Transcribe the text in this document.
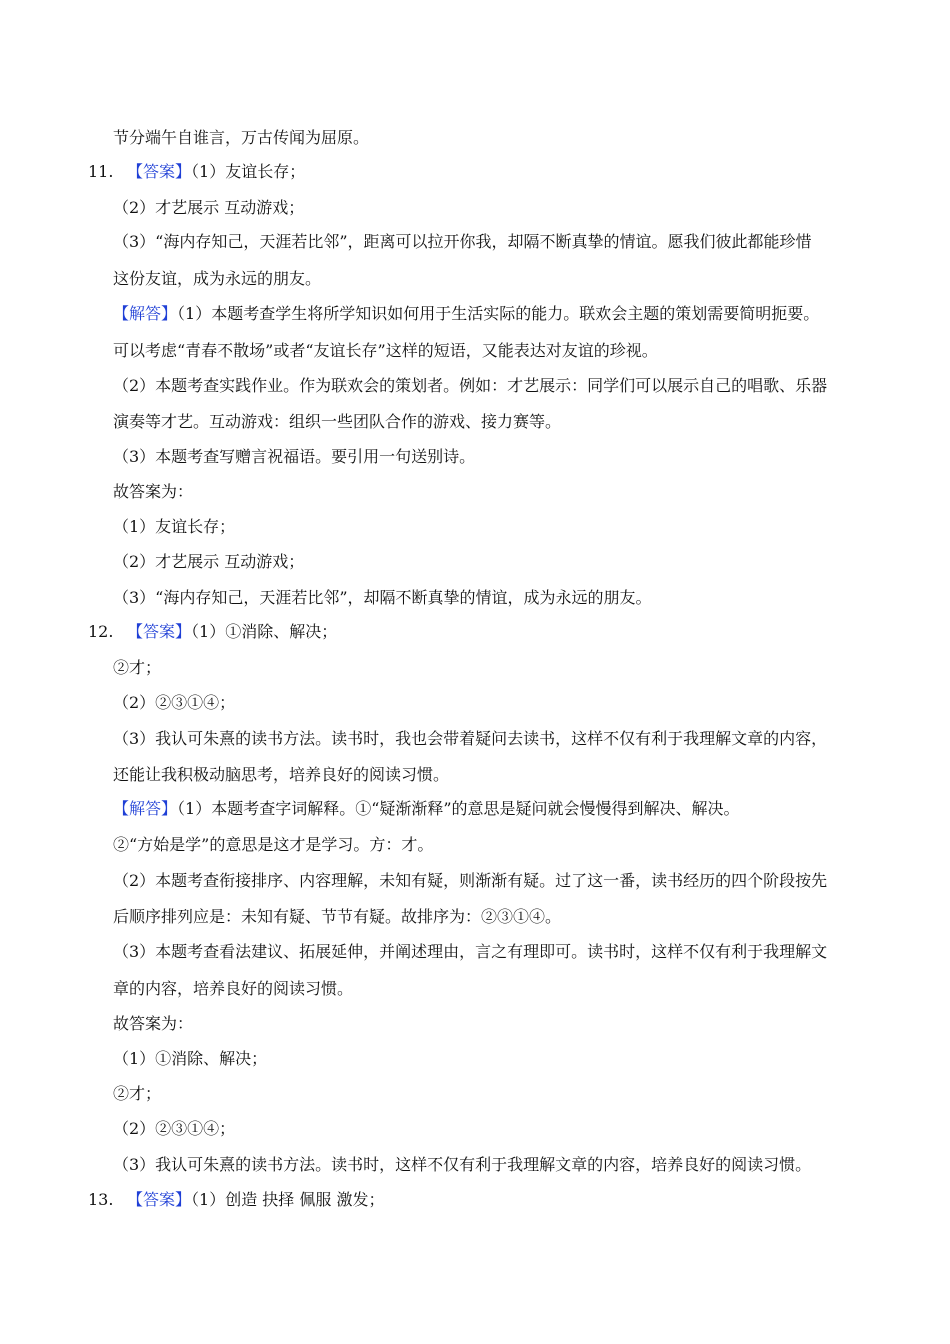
节分端午自谁言，万古传闻为屈原。
11. 【答案】（1）友谊长存；
（2）才艺展示 互动游戏；
（3）“海内存知己，天涯若比邻”，距离可以拉开你我，却隔不断真挚的情谊。愿我们彼此都能珍惜
这份友谊，成为永远的朋友。
【解答】（1）本题考查学生将所学知识如何用于生活实际的能力。联欢会主题的策划需要简明扼要。
可以考虑“青春不散场”或者“友谊长存”这样的短语，又能表达对友谊的珍视。
（2）本题考查实践作业。作为联欢会的策划者。例如：才艺展示：同学们可以展示自己的唱歌、乐器
演奏等才艺。互动游戏：组织一些团队合作的游戏、接力赛等。
（3）本题考查写赠言祝福语。要引用一句送别诗。
故答案为：
（1）友谊长存；
（2）才艺展示 互动游戏；
（3）“海内存知己，天涯若比邻”，却隔不断真挚的情谊，成为永远的朋友。
12. 【答案】（1）①消除、解决；
②才；
（2）②③①④；
（3）我认可朱熹的读书方法。读书时，我也会带着疑问去读书，这样不仅有利于我理解文章的内容，
还能让我积极动脑思考，培养良好的阅读习惯。
【解答】（1）本题考查字词解释。①“疑渐渐释”的意思是疑问就会慢慢得到解决、解决。
②“方始是学”的意思是这才是学习。方：才。
（2）本题考查衔接排序、内容理解，未知有疑，则渐渐有疑。过了这一番，读书经历的四个阶段按先
后顺序排列应是：未知有疑、节节有疑。故排序为：②③①④。
（3）本题考查看法建议、拓展延伸，并阐述理由，言之有理即可。读书时，这样不仅有利于我理解文
章的内容，培养良好的阅读习惯。
故答案为：
（1）①消除、解决；
②才；
（2）②③①④；
（3）我认可朱熹的读书方法。读书时，这样不仅有利于我理解文章的内容，培养良好的阅读习惯。
13. 【答案】（1）创造 抉择 佩服 激发；
